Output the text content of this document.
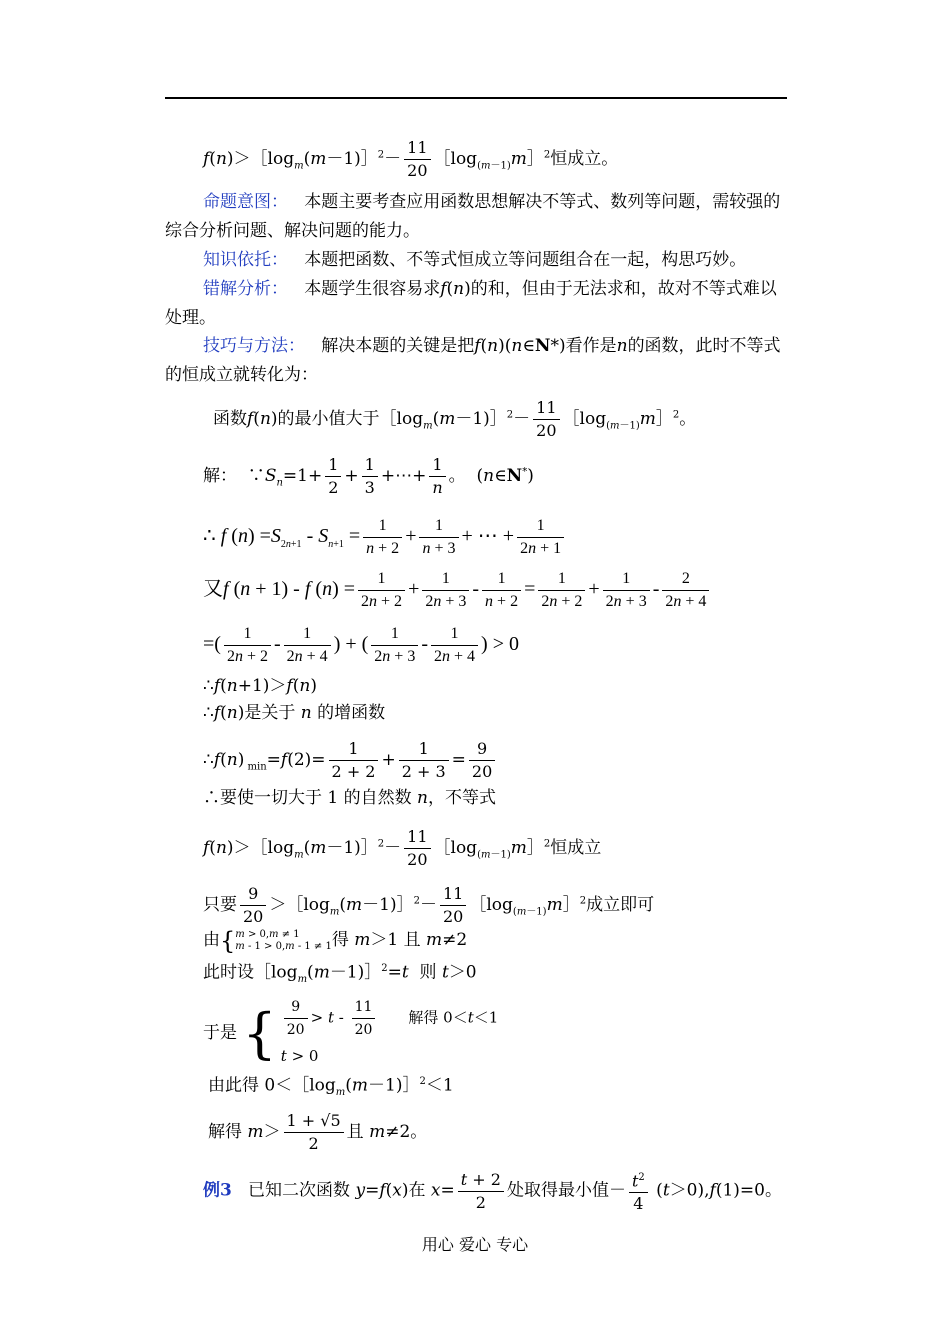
$f(n)>[\log_m(m-1)]^2- \frac{11}{20}$ $[\log_{(m-1)}m]^2$恒成立。
命题意图：   本题主要考查应用函数思想解决不等式、数列等问题，需较强的综合分析问题、解决问题的能力。
知识依托： 本题把函数、不等式恒成立等问题组合在一起，构思巧妙。
错解分析：   本题学生很容易求f(n)的和，但由于无法求和，故对不等式难以处理。
技巧与方法：   解决本题的关键是把f(n)(n∈N*)看作是n的函数，此时不等式的恒成立就转化为：
函数f(n)的最小值大于$[\log_m(m-1)]^2- \frac{11}{20}$ $[\log_{(m-1)}m]^2$。
解：  $\because S_n=1+ \frac{1}{2} + \frac{1}{3}$ +⋯+ $\frac{1}{n}$ 。  (n∈N*)
∴ f $(n) =S_{2n+1} - S_{n+1} = \frac{1}{n + 2} + \frac{1}{n + 3}$ + ⋯ + $\frac{1}{2n + 1}$
又f (n + 1) - f $(n) = \frac{1}{2n + 2} + \frac{1}{2n + 3} - \frac{1}{n + 2} = \frac{1}{2n + 2} + \frac{1}{2n + 3} - \frac{2}{2n + 4}$
=( $\frac{1}{2n + 2} - \frac{1}{2n + 4}$ ) + ( $\frac{1}{2n + 3} - \frac{1}{2n + 4}$ ) > 0
∴f(n+1)＞f(n)
∴f(n)是关于 n 的增函数
∴f(n) $_{min}=f(2)= \frac{1}{2 + 2} + \frac{1}{2 + 3} = \frac{9}{20}$
∴要使一切大于 1 的自然数 n，不等式
$f(n)>[\log_m(m-1)]^2- \frac{11}{20}$ $[\log_{(m-1)}m]^2$恒成立
只要 $\frac{9}{20}$ $>[\log_m(m-1)]^2- \frac{11}{20}$ $[\log_{(m-1)}m]^2$成立即可
由{ m > 0,m ≠ 1
m - 1 > 0,m - 1 ≠ 1 得 m＞1 且 m≠2
此时设$[\log_m(m-1)]^2=t$  则 t＞0
于是 { $\frac{9}{20} > t - \frac{11}{20}$ 解得 0＜t＜1
t > 0
由此得 $0<[\log_m(m-1)]^2<1$
解得 $m> \frac{1 + √5}{2}$ 且 m≠2。
例3   已知二次函数 y=f(x)在 $x= \frac{t + 2}{2}$ 处取得最小值－ $\frac{t^2}{4} (t>0),f(1)=0$。
用心 爱心 专心
